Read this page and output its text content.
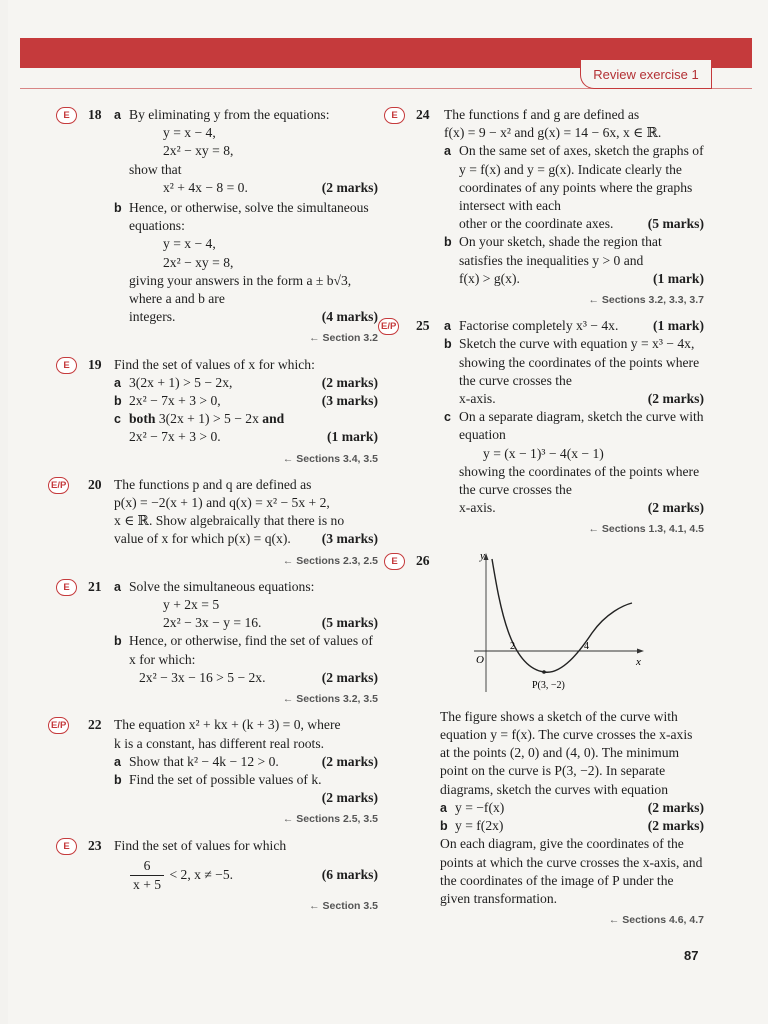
Review exercise 1
E	18 a By eliminating y from the equations:
y = x − 4,
2x² − xy = 8,
show that
x² + 4x − 8 = 0.	(2 marks)
b Hence, or otherwise, solve the simultaneous equations:
y = x − 4,
2x² − xy = 8,
giving your answers in the form a ± b√3, where a and b are
integers.	(4 marks)
← Section 3.2
E	19 Find the set of values of x for which:
a 3(2x + 1) > 5 − 2x,	(2 marks)
b 2x² − 7x + 3 > 0,	(3 marks)
c both 3(2x + 1) > 5 − 2x and
2x² − 7x + 3 > 0.	(1 mark)
← Sections 3.4, 3.5
E/P 20 The functions p and q are defined as
p(x) = −2(x + 1) and q(x) = x² − 5x + 2,
x ∈ ℝ. Show algebraically that there is no
value of x for which p(x) = q(x). (3 marks)
← Sections 2.3, 2.5
E	21 a Solve the simultaneous equations:
y + 2x = 5
2x² − 3x − y = 16.	(5 marks)
b Hence, or otherwise, find the set of values of x for which:
2x² − 3x − 16 > 5 − 2x.	(2 marks)
← Sections 3.2, 3.5
E/P 22 The equation x² + kx + (k + 3) = 0, where
k is a constant, has different real roots.
a Show that k² − 4k − 12 > 0.	(2 marks)
b Find the set of possible values of k.
(2 marks)
← Sections 2.5, 3.5
E	23 Find the set of values for which
$\frac{6}{x + 5} < 2$, x ≠ −5.	(6 marks)
← Section 3.5
E	24 The functions f and g are defined as
f(x) = 9 − x² and g(x) = 14 − 6x, x ∈ ℝ.
a On the same set of axes, sketch the graphs of y = f(x) and y = g(x). Indicate clearly the coordinates of any points where the graphs intersect with each
other or the coordinate axes.	(5 marks)
b On your sketch, shade the region that satisfies the inequalities y > 0 and
f(x) > g(x).	(1 mark)
← Sections 3.2, 3.3, 3.7
E/P 25 a Factorise completely x³ − 4x.	(1 mark)
b Sketch the curve with equation y = x³ − 4x, showing the coordinates of the points where the curve crosses the
x-axis.	(2 marks)
c On a separate diagram, sketch the curve with equation
y = (x − 1)³ − 4(x − 1)
showing the coordinates of the points where the curve crosses the
x-axis.	(2 marks)
← Sections 1.3, 4.1, 4.5
E	26	y
x
O
2	4
P(3, −2)
The figure shows a sketch of the curve with equation y = f(x). The curve crosses the x-axis at the points (2, 0) and (4, 0). The minimum point on the curve is P(3, −2). In separate diagrams, sketch the curves with equation
a y = −f(x)	(2 marks)
b y = f(2x)	(2 marks)
On each diagram, give the coordinates of the points at which the curve crosses the x-axis, and the coordinates of the image of P under the given transformation.
← Sections 4.6, 4.7
87
